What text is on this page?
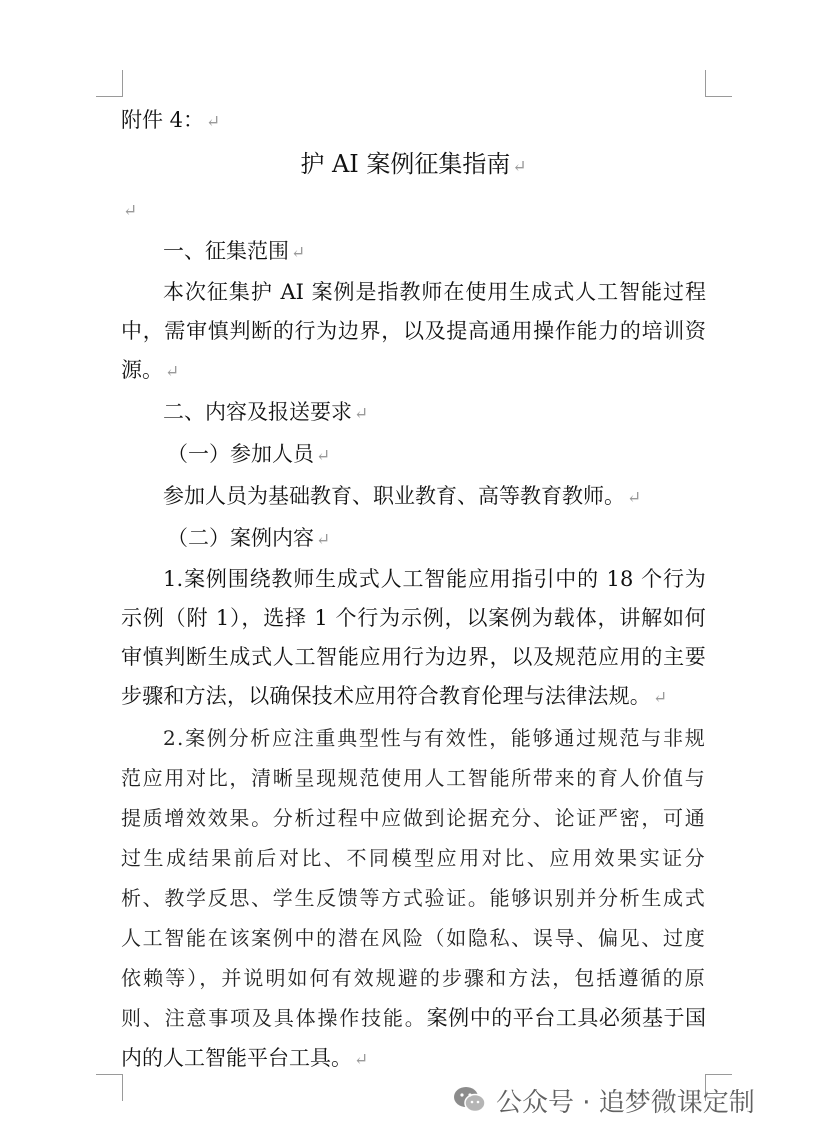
附件 4： ↵
护 AI 案例征集指南 ↵
↵
一、征集范围 ↵
本次征集护 AI 案例是指教师在使用生成式人工智能过程中，需审慎判断的行为边界，以及提高通用操作能力的培训资源。 ↵
二、内容及报送要求 ↵
（一）参加人员 ↵
参加人员为基础教育、职业教育、高等教育教师。 ↵
（二）案例内容 ↵
1.案例围绕教师生成式人工智能应用指引中的 18 个行为示例（附 1），选择 1 个行为示例，以案例为载体，讲解如何审慎判断生成式人工智能应用行为边界，以及规范应用的主要步骤和方法，以确保技术应用符合教育伦理与法律法规。 ↵
2.案例分析应注重典型性与有效性，能够通过规范与非规范应用对比，清晰呈现规范使用人工智能所带来的育人价值与提质增效效果。分析过程中应做到论据充分、论证严密，可通过生成结果前后对比、不同模型应用对比、应用效果实证分析、教学反思、学生反馈等方式验证。能够识别并分析生成式人工智能在该案例中的潜在风险（如隐私、误导、偏见、过度依赖等），并说明如何有效规避的步骤和方法，包括遵循的原则、注意事项及具体操作技能。案例中的平台工具必须基于国内的人工智能平台工具。 ↵
公众号 · 追梦微课定制
